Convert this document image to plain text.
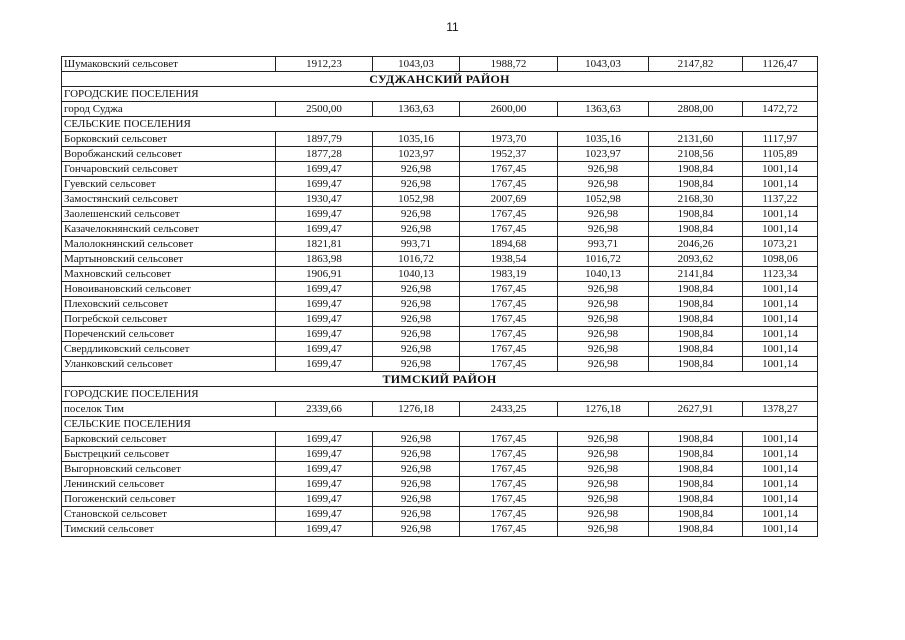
11
Шумаковский сельсовет	1912,23	1043,03	1988,72	1043,03	2147,82	1126,47
СУДЖАНСКИЙ РАЙОН						
ГОРОДСКИЕ ПОСЕЛЕНИЯ						
город Суджа	2500,00	1363,63	2600,00	1363,63	2808,00	1472,72
СЕЛЬСКИЕ ПОСЕЛЕНИЯ						
Борковский сельсовет	1897,79	1035,16	1973,70	1035,16	2131,60	1117,97
Воробжанский сельсовет	1877,28	1023,97	1952,37	1023,97	2108,56	1105,89
Гончаровский сельсовет	1699,47	926,98	1767,45	926,98	1908,84	1001,14
Гуевский сельсовет	1699,47	926,98	1767,45	926,98	1908,84	1001,14
Замостянский сельсовет	1930,47	1052,98	2007,69	1052,98	2168,30	1137,22
Заолешенский сельсовет	1699,47	926,98	1767,45	926,98	1908,84	1001,14
Казачелокнянский сельсовет	1699,47	926,98	1767,45	926,98	1908,84	1001,14
Малолокнянский сельсовет	1821,81	993,71	1894,68	993,71	2046,26	1073,21
Мартыновский сельсовет	1863,98	1016,72	1938,54	1016,72	2093,62	1098,06
Махновский сельсовет	1906,91	1040,13	1983,19	1040,13	2141,84	1123,34
Новоивановский сельсовет	1699,47	926,98	1767,45	926,98	1908,84	1001,14
Плеховский сельсовет	1699,47	926,98	1767,45	926,98	1908,84	1001,14
Погребской сельсовет	1699,47	926,98	1767,45	926,98	1908,84	1001,14
Пореченский сельсовет	1699,47	926,98	1767,45	926,98	1908,84	1001,14
Свердликовский сельсовет	1699,47	926,98	1767,45	926,98	1908,84	1001,14
Уланковский сельсовет	1699,47	926,98	1767,45	926,98	1908,84	1001,14
ТИМСКИЙ РАЙОН						
ГОРОДСКИЕ ПОСЕЛЕНИЯ						
поселок Тим	2339,66	1276,18	2433,25	1276,18	2627,91	1378,27
СЕЛЬСКИЕ ПОСЕЛЕНИЯ						
Барковский сельсовет	1699,47	926,98	1767,45	926,98	1908,84	1001,14
Быстрецкий сельсовет	1699,47	926,98	1767,45	926,98	1908,84	1001,14
Выгорновский сельсовет	1699,47	926,98	1767,45	926,98	1908,84	1001,14
Ленинский сельсовет	1699,47	926,98	1767,45	926,98	1908,84	1001,14
Погоженский сельсовет	1699,47	926,98	1767,45	926,98	1908,84	1001,14
Становской сельсовет	1699,47	926,98	1767,45	926,98	1908,84	1001,14
Тимский сельсовет	1699,47	926,98	1767,45	926,98	1908,84	1001,14
